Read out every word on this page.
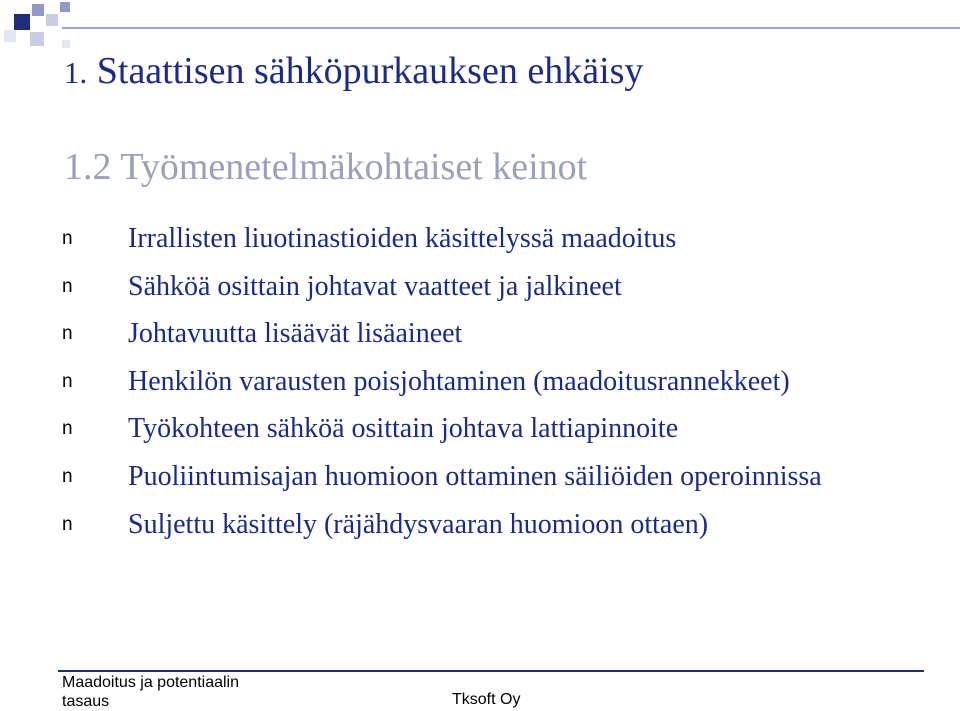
1. Staattisen sähköpurkauksen ehkäisy
1.2 Työmenetelmäkohtaiset keinot
n	Irrallisten liuotinastioiden käsittelyssä maadoitus
n	Sähköä osittain johtavat vaatteet ja jalkineet
n	Johtavuutta lisäävät lisäaineet
n	Henkilön varausten poisjohtaminen (maadoitusrannekkeet)
n	Työkohteen sähköä osittain johtava lattiapinnoite
n	Puoliintumisajan huomioon ottaminen säiliöiden operoinnissa
n	Suljettu käsittely (räjähdysvaaran huomioon ottaen)
Maadoitus ja potentiaalin
tasaus	Tksoft Oy
